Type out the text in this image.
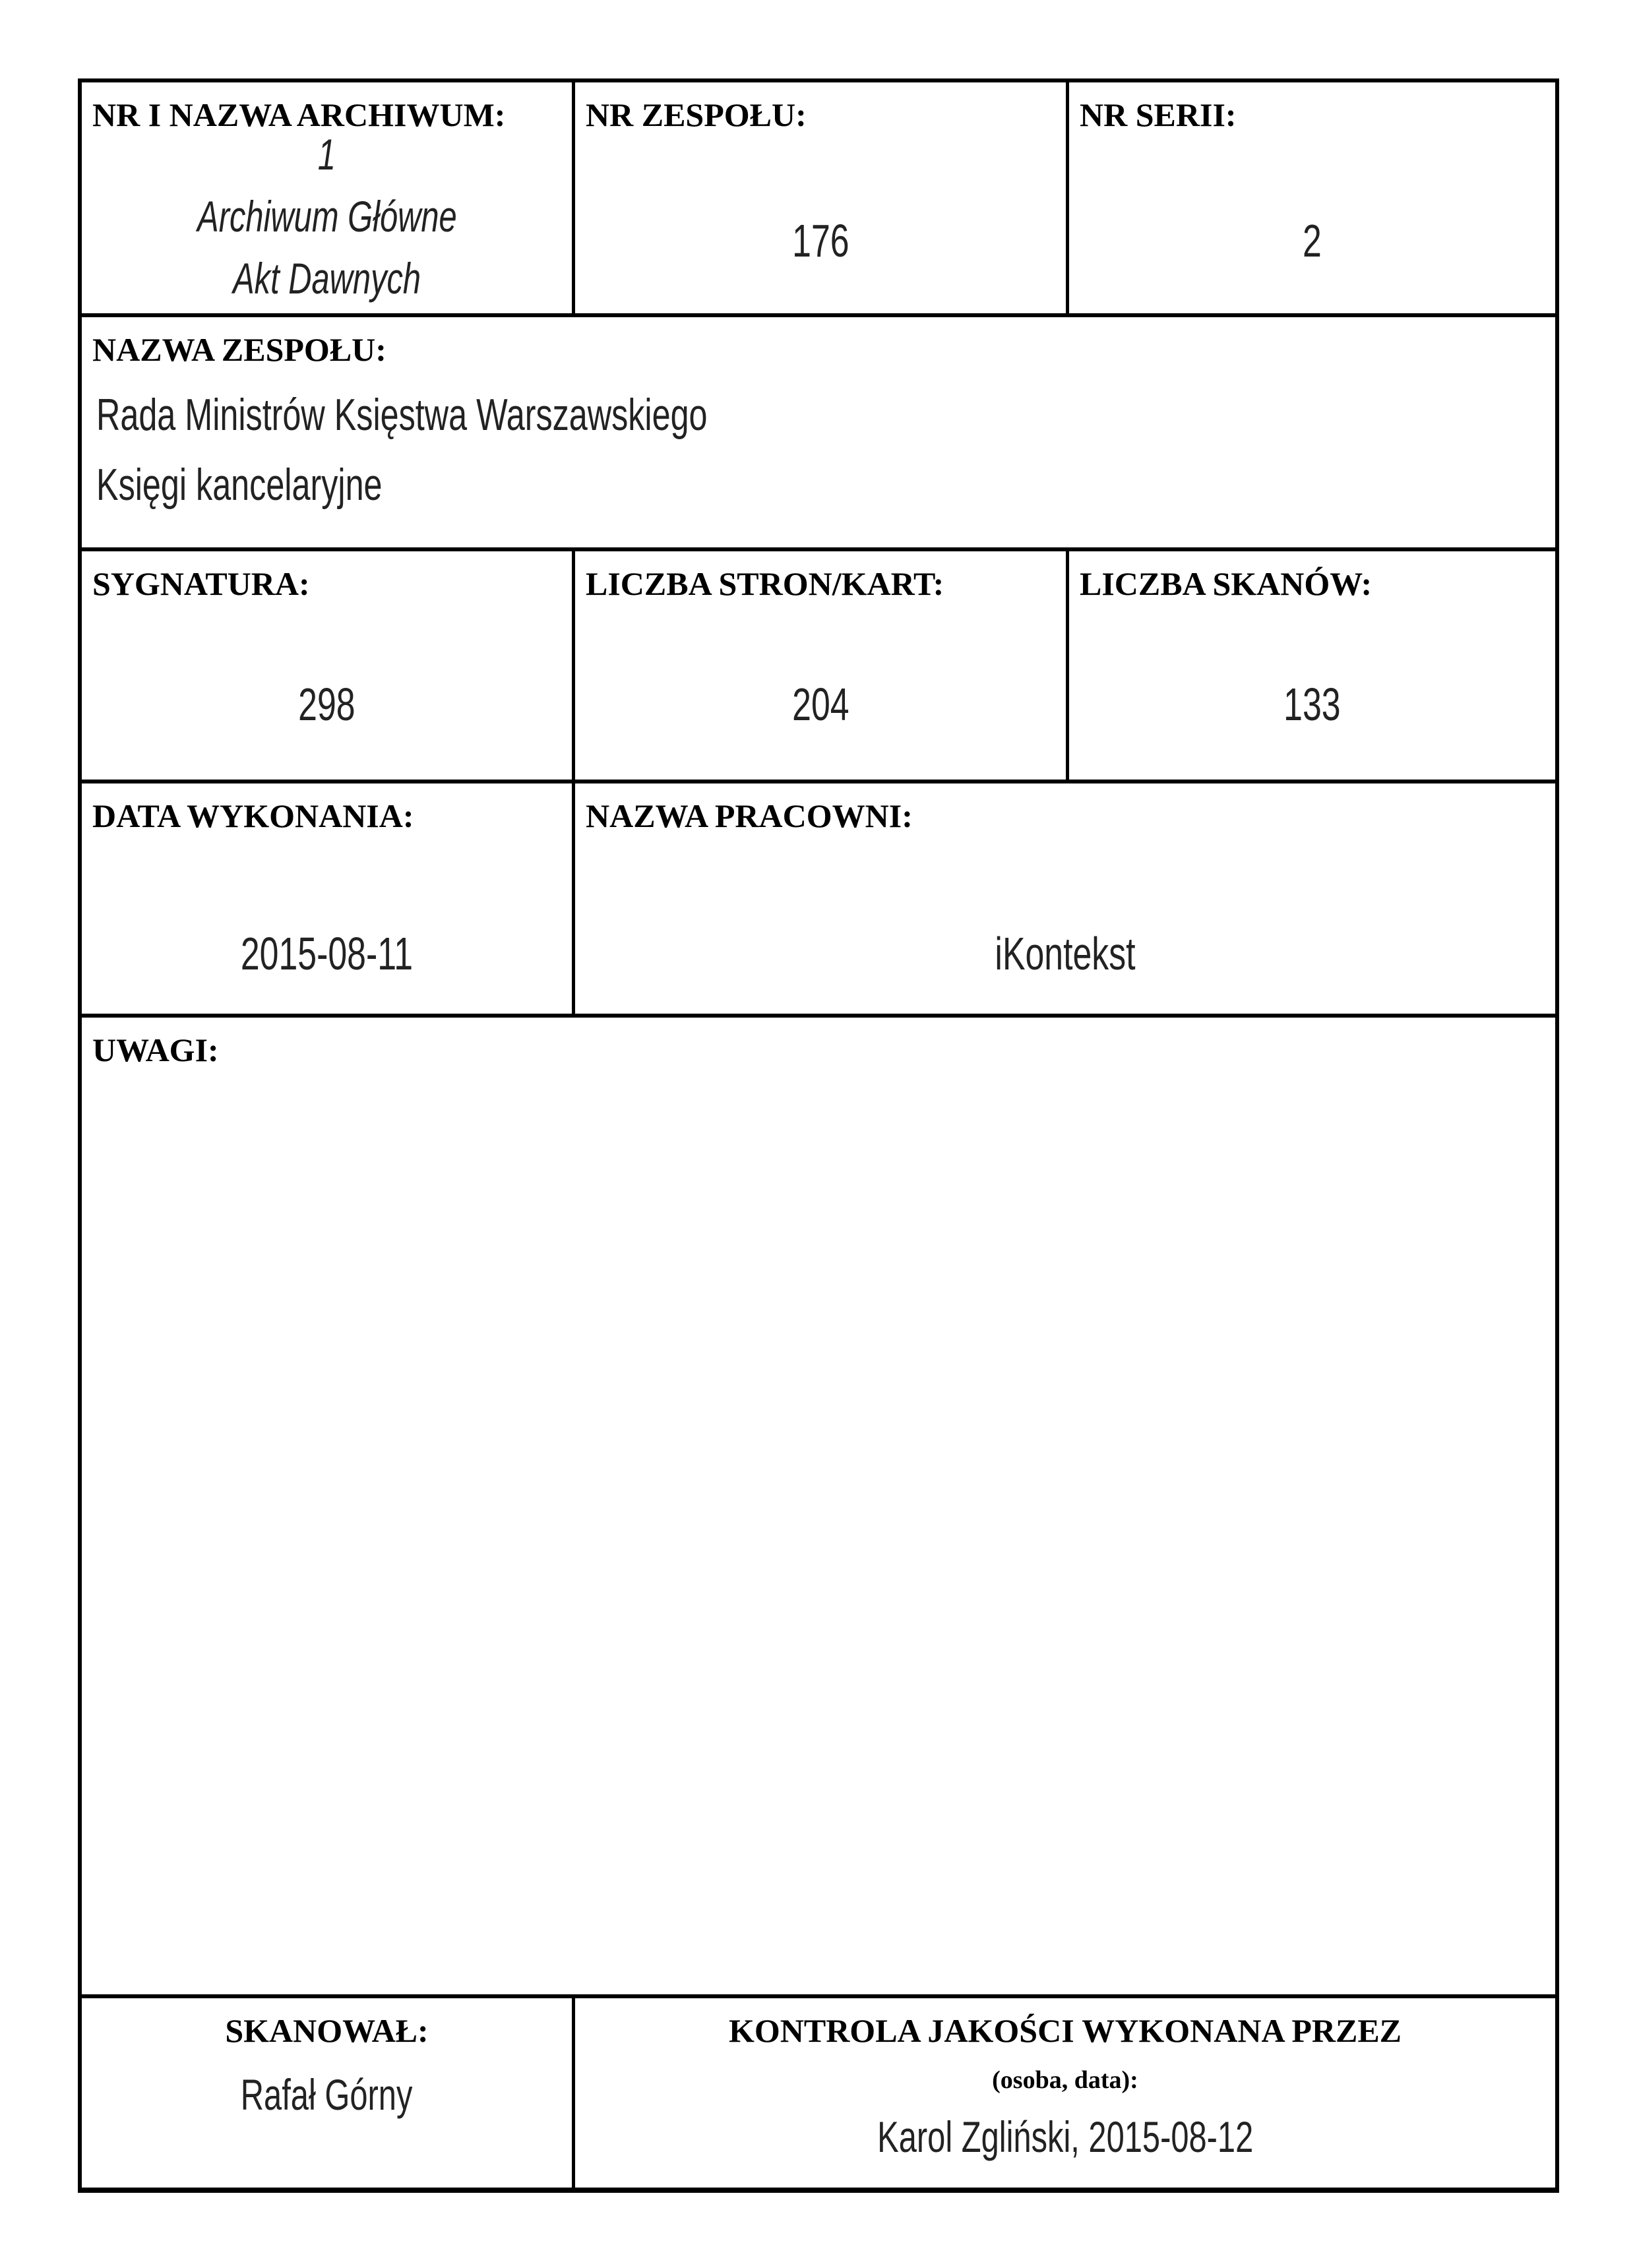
NR I NAZWA ARCHIWUM:
1
Archiwum Główne
Akt Dawnych
NR ZESPOŁU:
176
NR SERII:
2
NAZWA ZESPOŁU:
Rada Ministrów Księstwa Warszawskiego
Księgi kancelaryjne
SYGNATURA:
298
LICZBA STRON/KART:
204
LICZBA SKANÓW:
133
DATA WYKONANIA:
2015-08-11
NAZWA PRACOWNI:
iKontekst
UWAGI:
SKANOWAŁ:
Rafał Górny
KONTROLA JAKOŚCI WYKONANA PRZEZ
(osoba, data):
Karol Zgliński, 2015-08-12
